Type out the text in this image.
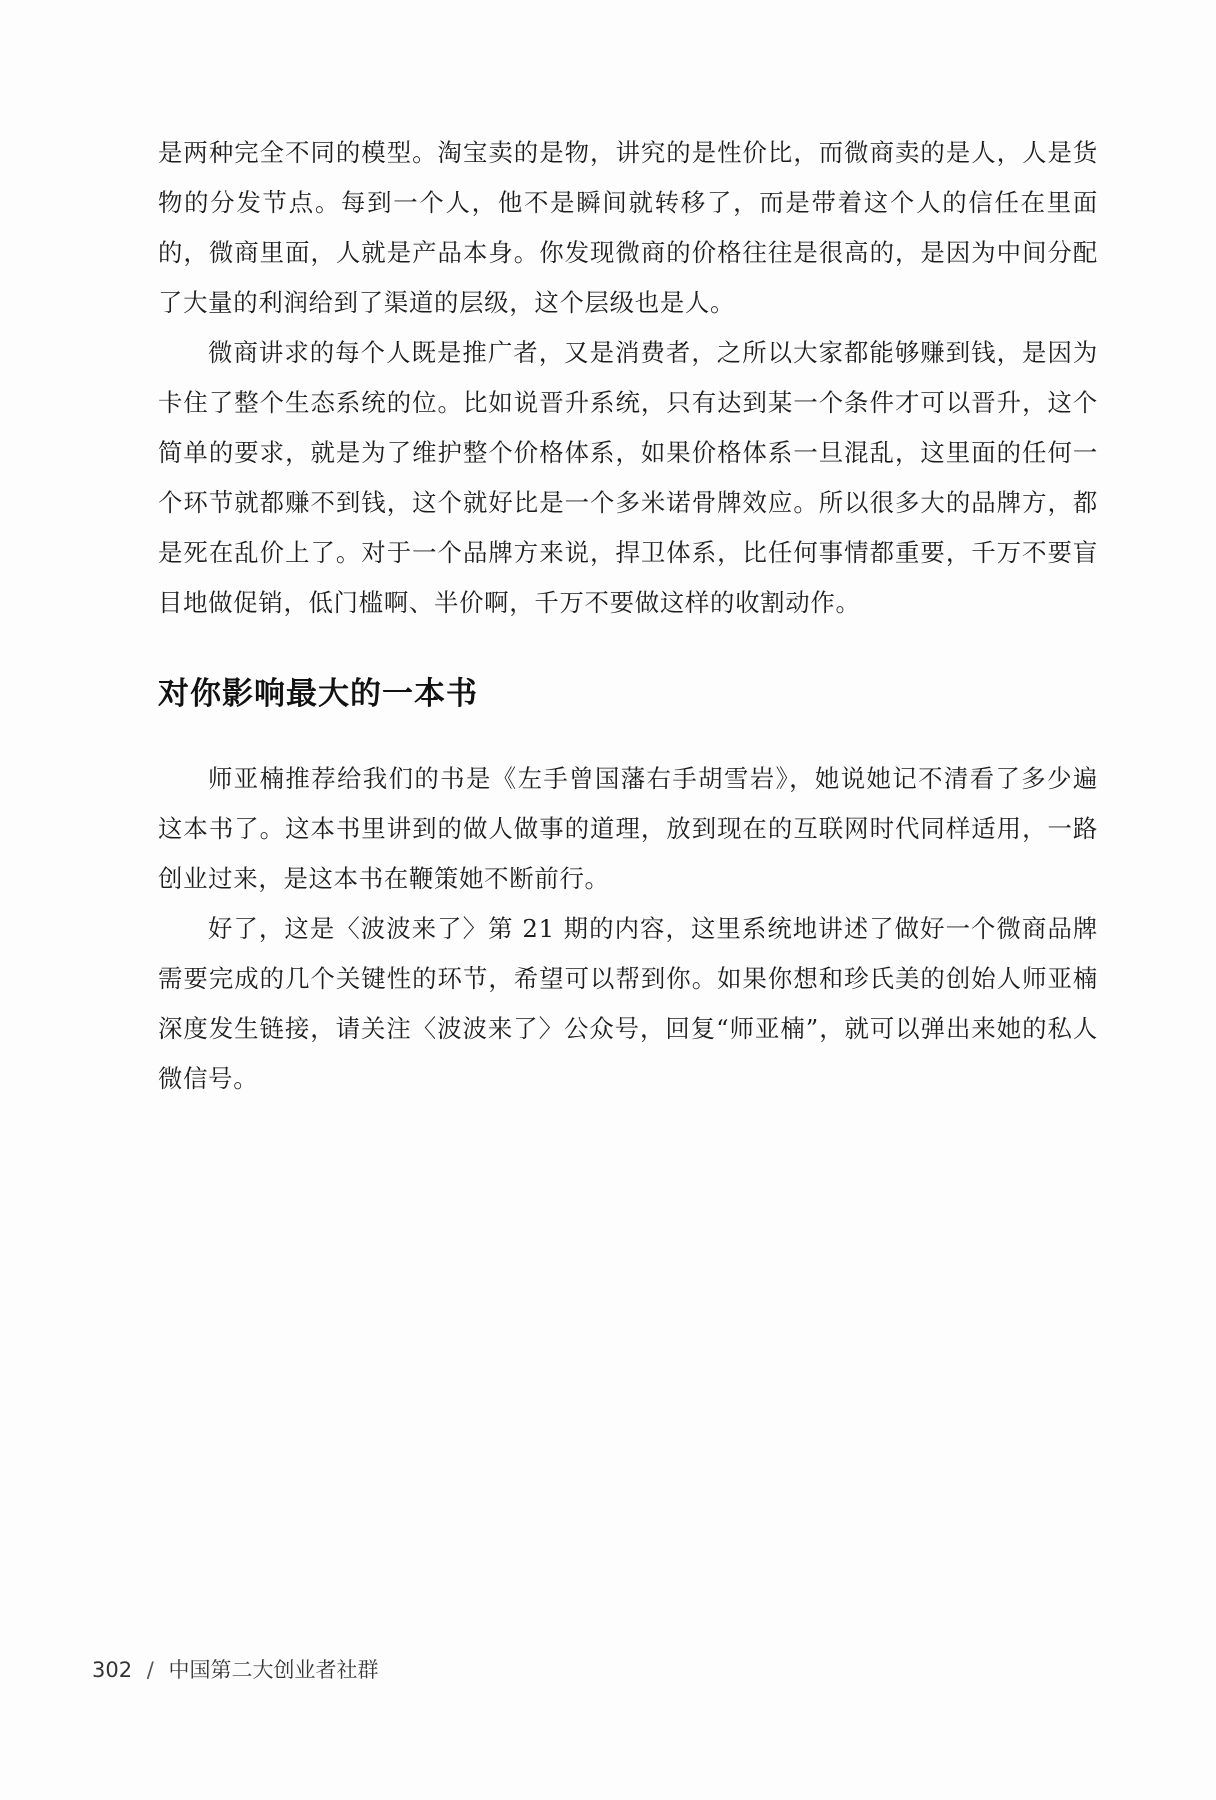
是两种完全不同的模型。淘宝卖的是物，讲究的是性价比，而微商卖的是人，人是货物的分发节点。每到一个人，他不是瞬间就转移了，而是带着这个人的信任在里面的，微商里面，人就是产品本身。你发现微商的价格往往是很高的，是因为中间分配了大量的利润给到了渠道的层级，这个层级也是人。

微商讲求的每个人既是推广者，又是消费者，之所以大家都能够赚到钱，是因为卡住了整个生态系统的位。比如说晋升系统，只有达到某一个条件才可以晋升，这个简单的要求，就是为了维护整个价格体系，如果价格体系一旦混乱，这里面的任何一个环节就都赚不到钱，这个就好比是一个多米诺骨牌效应。所以很多大的品牌方，都是死在乱价上了。对于一个品牌方来说，捍卫体系，比任何事情都重要，千万不要盲目地做促销，低门槛啊、半价啊，千万不要做这样的收割动作。

对你影响最大的一本书

师亚楠推荐给我们的书是《左手曾国藩右手胡雪岩》，她说她记不清看了多少遍这本书了。这本书里讲到的做人做事的道理，放到现在的互联网时代同样适用，一路创业过来，是这本书在鞭策她不断前行。

好了，这是〈波波来了〉第 21 期的内容，这里系统地讲述了做好一个微商品牌需要完成的几个关键性的环节，希望可以帮到你。如果你想和珍氏美的创始人师亚楠深度发生链接，请关注〈波波来了〉公众号，回复“师亚楠”，就可以弹出来她的私人微信号。

302 / 中国第二大创业者社群
